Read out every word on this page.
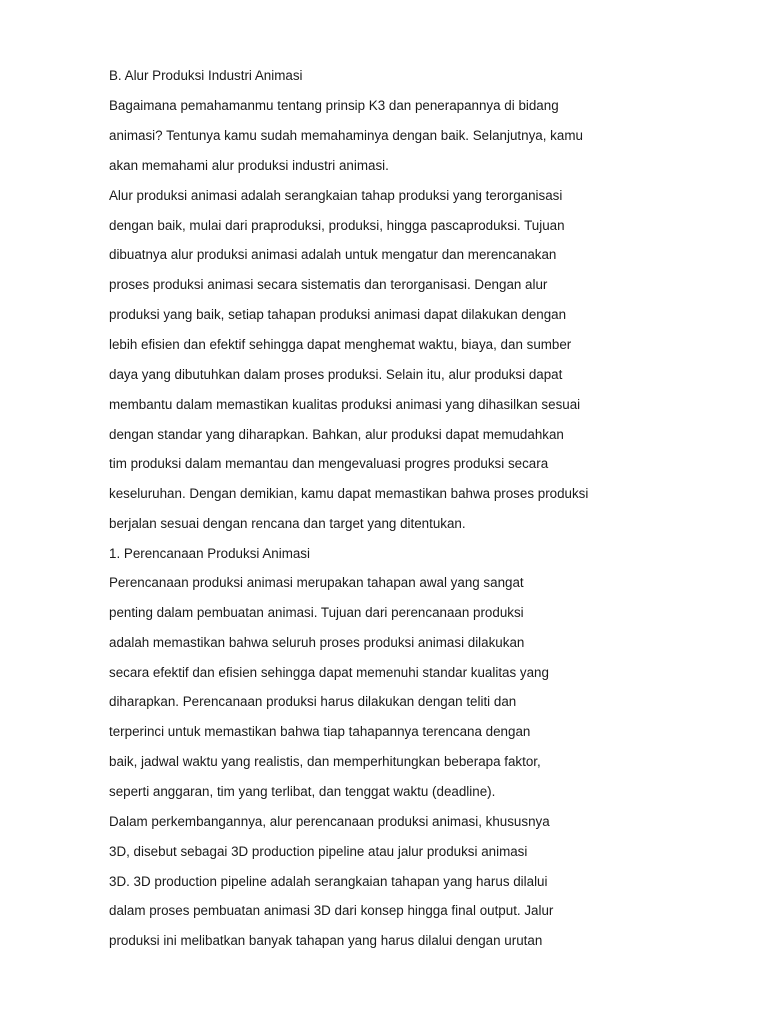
B. Alur Produksi Industri Animasi

Bagaimana pemahamanmu tentang prinsip K3 dan penerapannya di bidang

animasi? Tentunya kamu sudah memahaminya dengan baik. Selanjutnya, kamu

akan memahami alur produksi industri animasi.

Alur produksi animasi adalah serangkaian tahap produksi yang terorganisasi

dengan baik, mulai dari praproduksi, produksi, hingga pascaproduksi. Tujuan

dibuatnya alur produksi animasi adalah untuk mengatur dan merencanakan

proses produksi animasi secara sistematis dan terorganisasi. Dengan alur

produksi yang baik, setiap tahapan produksi animasi dapat dilakukan dengan

lebih efisien dan efektif sehingga dapat menghemat waktu, biaya, dan sumber

daya yang dibutuhkan dalam proses produksi. Selain itu, alur produksi dapat

membantu dalam memastikan kualitas produksi animasi yang dihasilkan sesuai

dengan standar yang diharapkan. Bahkan, alur produksi dapat memudahkan

tim produksi dalam memantau dan mengevaluasi progres produksi secara

keseluruhan. Dengan demikian, kamu dapat memastikan bahwa proses produksi

berjalan sesuai dengan rencana dan target yang ditentukan.

1. Perencanaan Produksi Animasi

Perencanaan produksi animasi merupakan tahapan awal yang sangat

penting dalam pembuatan animasi. Tujuan dari perencanaan produksi

adalah memastikan bahwa seluruh proses produksi animasi dilakukan

secara efektif dan efisien sehingga dapat memenuhi standar kualitas yang

diharapkan. Perencanaan produksi harus dilakukan dengan teliti dan

terperinci untuk memastikan bahwa tiap tahapannya terencana dengan

baik, jadwal waktu yang realistis, dan memperhitungkan beberapa faktor,

seperti anggaran, tim yang terlibat, dan tenggat waktu (deadline).

Dalam perkembangannya, alur perencanaan produksi animasi, khususnya

3D, disebut sebagai 3D production pipeline atau jalur produksi animasi

3D. 3D production pipeline adalah serangkaian tahapan yang harus dilalui

dalam proses pembuatan animasi 3D dari konsep hingga final output. Jalur

produksi ini melibatkan banyak tahapan yang harus dilalui dengan urutan
